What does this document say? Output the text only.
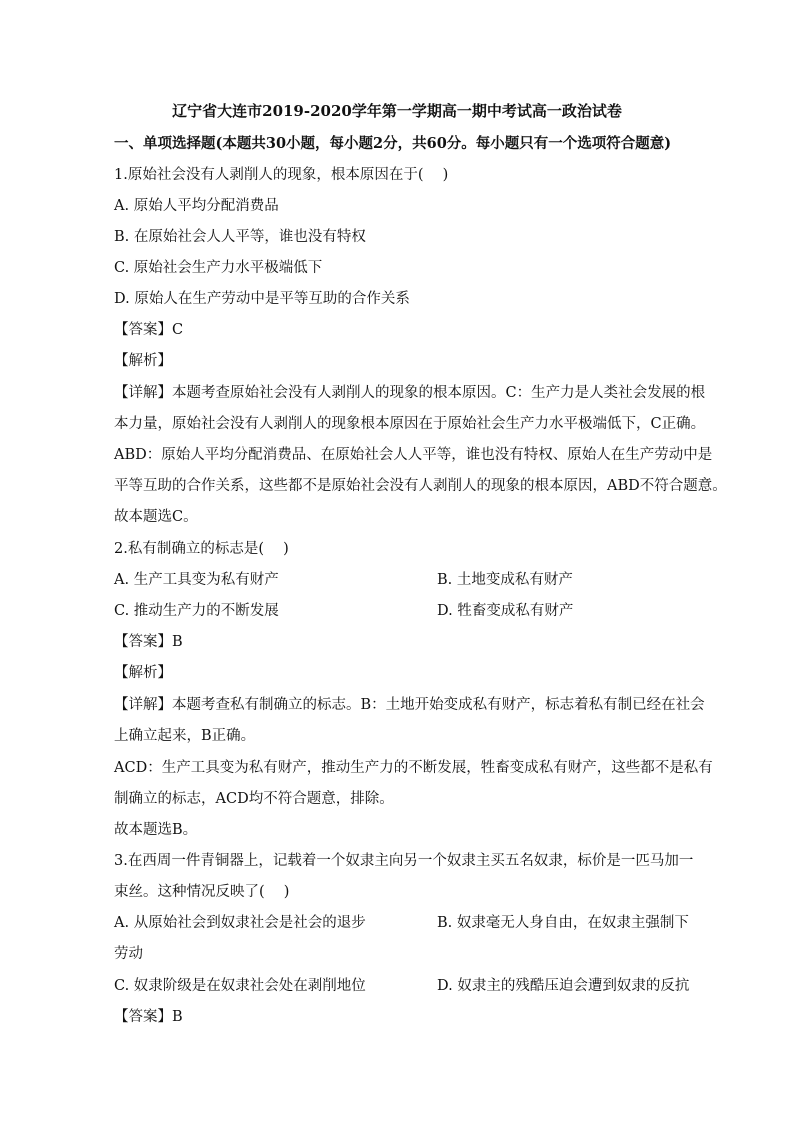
辽宁省大连市2019-2020学年第一学期高一期中考试高一政治试卷
一、单项选择题(本题共30小题，每小题2分，共60分。每小题只有一个选项符合题意)
1.原始社会没有人剥削人的现象，根本原因在于(　 )
A. 原始人平均分配消费品
B. 在原始社会人人平等，谁也没有特权
C. 原始社会生产力水平极端低下
D. 原始人在生产劳动中是平等互助的合作关系
【答案】C
【解析】
【详解】本题考查原始社会没有人剥削人的现象的根本原因。C：生产力是人类社会发展的根
本力量，原始社会没有人剥削人的现象根本原因在于原始社会生产力水平极端低下，C正确。
ABD：原始人平均分配消费品、在原始社会人人平等，谁也没有特权、原始人在生产劳动中是
平等互助的合作关系，这些都不是原始社会没有人剥削人的现象的根本原因，ABD不符合题意。
故本题选C。
2.私有制确立的标志是(　 )
A. 生产工具变为私有财产	B. 土地变成私有财产
C. 推动生产力的不断发展	D. 牲畜变成私有财产
【答案】B
【解析】
【详解】本题考查私有制确立的标志。B：土地开始变成私有财产，标志着私有制已经在社会
上确立起来，B正确。
ACD：生产工具变为私有财产，推动生产力的不断发展，牲畜变成私有财产，这些都不是私有
制确立的标志，ACD均不符合题意，排除。
故本题选B。
3.在西周一件青铜器上，记载着一个奴隶主向另一个奴隶主买五名奴隶，标价是一匹马加一
束丝。这种情况反映了(　 )
A. 从原始社会到奴隶社会是社会的退步	B. 奴隶毫无人身自由，在奴隶主强制下
劳动
C. 奴隶阶级是在奴隶社会处在剥削地位	D. 奴隶主的残酷压迫会遭到奴隶的反抗
【答案】B
